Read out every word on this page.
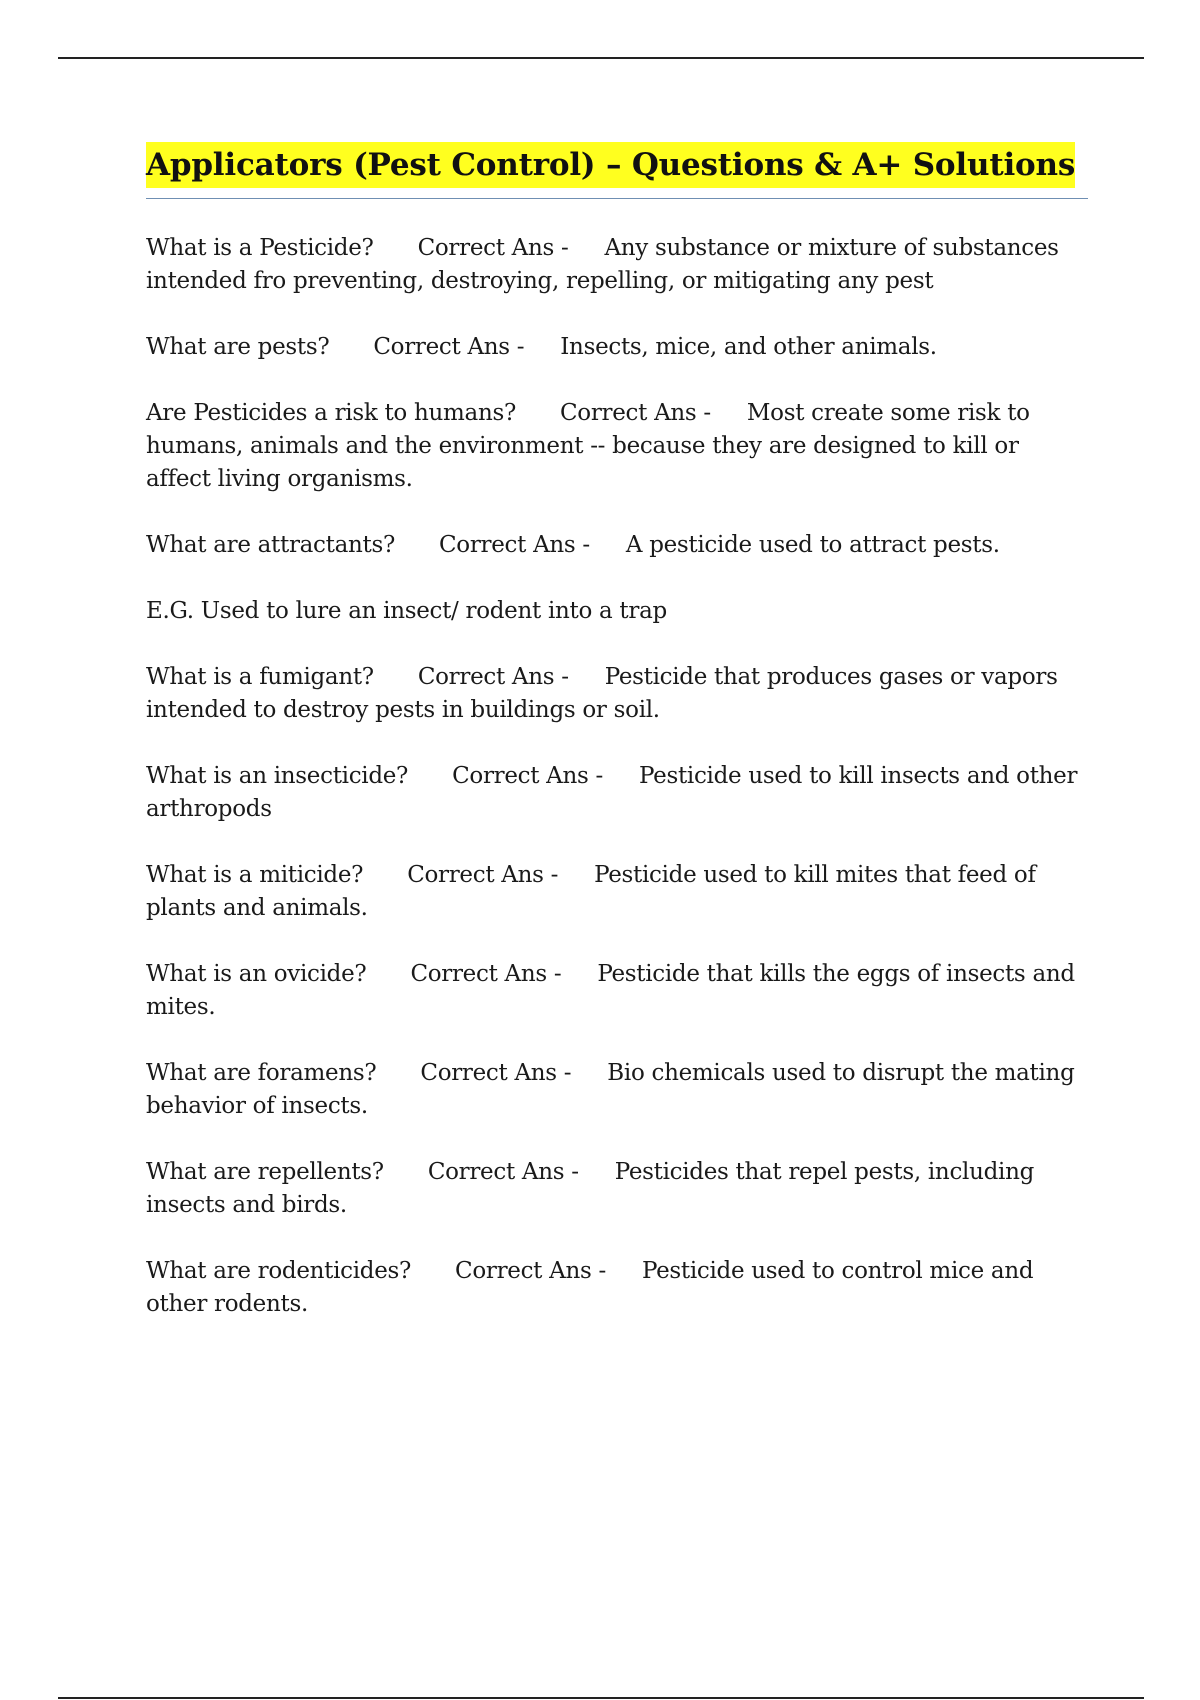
Applicators (Pest Control) – Questions & A+ Solutions
What is a Pesticide? Correct Ans - Any substance or mixture of substances intended fro preventing, destroying, repelling, or mitigating any pest
What are pests? Correct Ans - Insects, mice, and other animals.
Are Pesticides a risk to humans? Correct Ans - Most create some risk to humans, animals and the environment -- because they are designed to kill or affect living organisms.
What are attractants? Correct Ans - A pesticide used to attract pests.
E.G. Used to lure an insect/ rodent into a trap
What is a fumigant? Correct Ans - Pesticide that produces gases or vapors intended to destroy pests in buildings or soil.
What is an insecticide? Correct Ans - Pesticide used to kill insects and other arthropods
What is a miticide? Correct Ans - Pesticide used to kill mites that feed of plants and animals.
What is an ovicide? Correct Ans - Pesticide that kills the eggs of insects and mites.
What are foramens? Correct Ans - Bio chemicals used to disrupt the mating behavior of insects.
What are repellents? Correct Ans - Pesticides that repel pests, including insects and birds.
What are rodenticides? Correct Ans - Pesticide used to control mice and other rodents.
